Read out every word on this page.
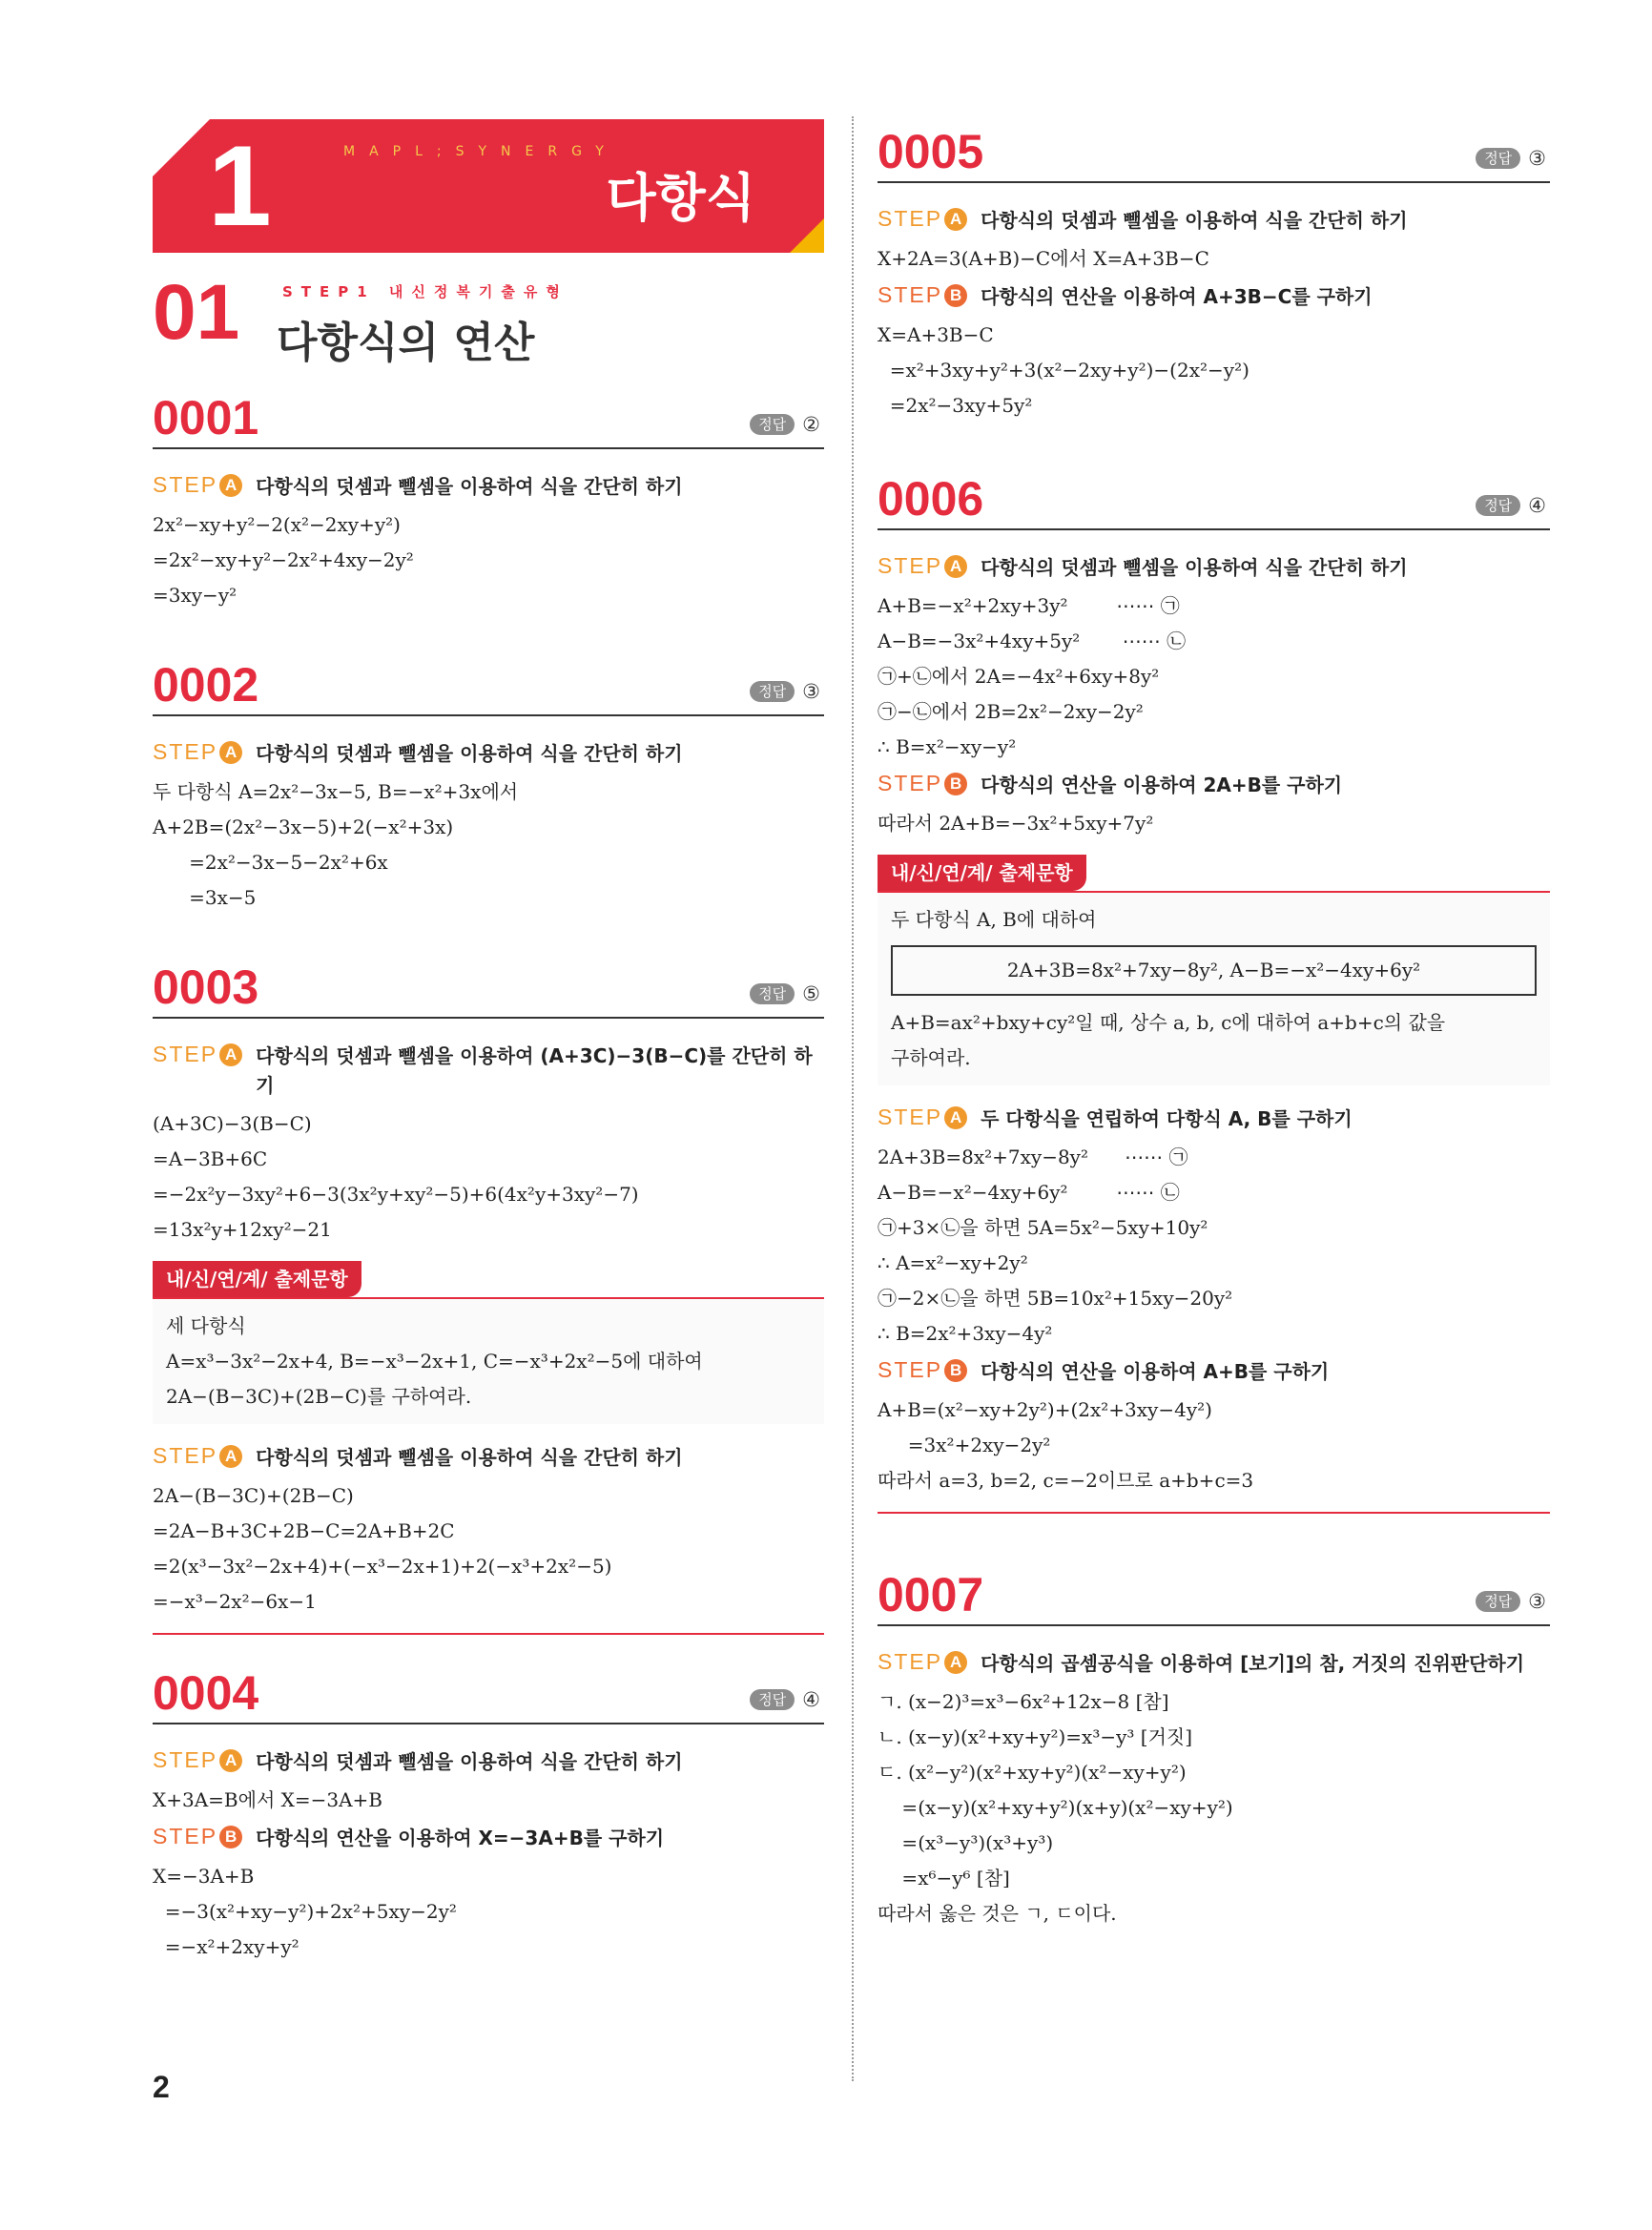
1	MAPL;SYNERGY
다항식
01	STEP1 내신정복기출유형
다항식의 연산
0001	정답 ②
STEP A 다항식의 덧셈과 뺄셈을 이용하여 식을 간단히 하기
2x²−xy+y²−2(x²−2xy+y²)
=2x²−xy+y²−2x²+4xy−2y²
=3xy−y²
0002	정답 ③
STEP A 다항식의 덧셈과 뺄셈을 이용하여 식을 간단히 하기
두 다항식 A=2x²−3x−5, B=−x²+3x에서
A+2B=(2x²−3x−5)+2(−x²+3x)
=2x²−3x−5−2x²+6x
=3x−5
0003	정답 ⑤
STEP A 다항식의 덧셈과 뺄셈을 이용하여 (A+3C)−3(B−C)를 간단히 하기
(A+3C)−3(B−C)
=A−3B+6C
=−2x²y−3xy²+6−3(3x²y+xy²−5)+6(4x²y+3xy²−7)
=13x²y+12xy²−21
내/신/연/계/ 출제문항
세 다항식
A=x³−3x²−2x+4, B=−x³−2x+1, C=−x³+2x²−5에 대하여
2A−(B−3C)+(2B−C)를 구하여라.
STEP A 다항식의 덧셈과 뺄셈을 이용하여 식을 간단히 하기
2A−(B−3C)+(2B−C)
=2A−B+3C+2B−C=2A+B+2C
=2(x³−3x²−2x+4)+(−x³−2x+1)+2(−x³+2x²−5)
=−x³−2x²−6x−1
0004	정답 ④
STEP A 다항식의 덧셈과 뺄셈을 이용하여 식을 간단히 하기
X+3A=B에서 X=−3A+B
STEP B 다항식의 연산을 이용하여 X=−3A+B를 구하기
X=−3A+B
=−3(x²+xy−y²)+2x²+5xy−2y²
=−x²+2xy+y²
0005	정답 ③
STEP A 다항식의 덧셈과 뺄셈을 이용하여 식을 간단히 하기
X+2A=3(A+B)−C에서 X=A+3B−C
STEP B 다항식의 연산을 이용하여 A+3B−C를 구하기
X=A+3B−C
=x²+3xy+y²+3(x²−2xy+y²)−(2x²−y²)
=2x²−3xy+5y²
0006	정답 ④
STEP A 다항식의 덧셈과 뺄셈을 이용하여 식을 간단히 하기
A+B=−x²+2xy+3y²        ⋯⋯ ㉠
A−B=−3x²+4xy+5y²       ⋯⋯ ㉡
㉠+㉡에서 2A=−4x²+6xy+8y²
㉠−㉡에서 2B=2x²−2xy−2y²
∴ B=x²−xy−y²
STEP B 다항식의 연산을 이용하여 2A+B를 구하기
따라서 2A+B=−3x²+5xy+7y²
내/신/연/계/ 출제문항
두 다항식 A, B에 대하여
2A+3B=8x²+7xy−8y², A−B=−x²−4xy+6y²
A+B=ax²+bxy+cy²일 때, 상수 a, b, c에 대하여 a+b+c의 값을
구하여라.
STEP A 두 다항식을 연립하여 다항식 A, B를 구하기
2A+3B=8x²+7xy−8y²      ⋯⋯ ㉠
A−B=−x²−4xy+6y²        ⋯⋯ ㉡
㉠+3×㉡을 하면 5A=5x²−5xy+10y²
∴ A=x²−xy+2y²
㉠−2×㉡을 하면 5B=10x²+15xy−20y²
∴ B=2x²+3xy−4y²
STEP B 다항식의 연산을 이용하여 A+B를 구하기
A+B=(x²−xy+2y²)+(2x²+3xy−4y²)
=3x²+2xy−2y²
따라서 a=3, b=2, c=−2이므로 a+b+c=3
0007	정답 ③
STEP A 다항식의 곱셈공식을 이용하여 [보기]의 참, 거짓의 진위판단하기
ㄱ. (x−2)³=x³−6x²+12x−8 [참]
ㄴ. (x−y)(x²+xy+y²)=x³−y³ [거짓]
ㄷ. (x²−y²)(x²+xy+y²)(x²−xy+y²)
=(x−y)(x²+xy+y²)(x+y)(x²−xy+y²)
=(x³−y³)(x³+y³)
=x⁶−y⁶ [참]
따라서 옳은 것은 ㄱ, ㄷ이다.
2
